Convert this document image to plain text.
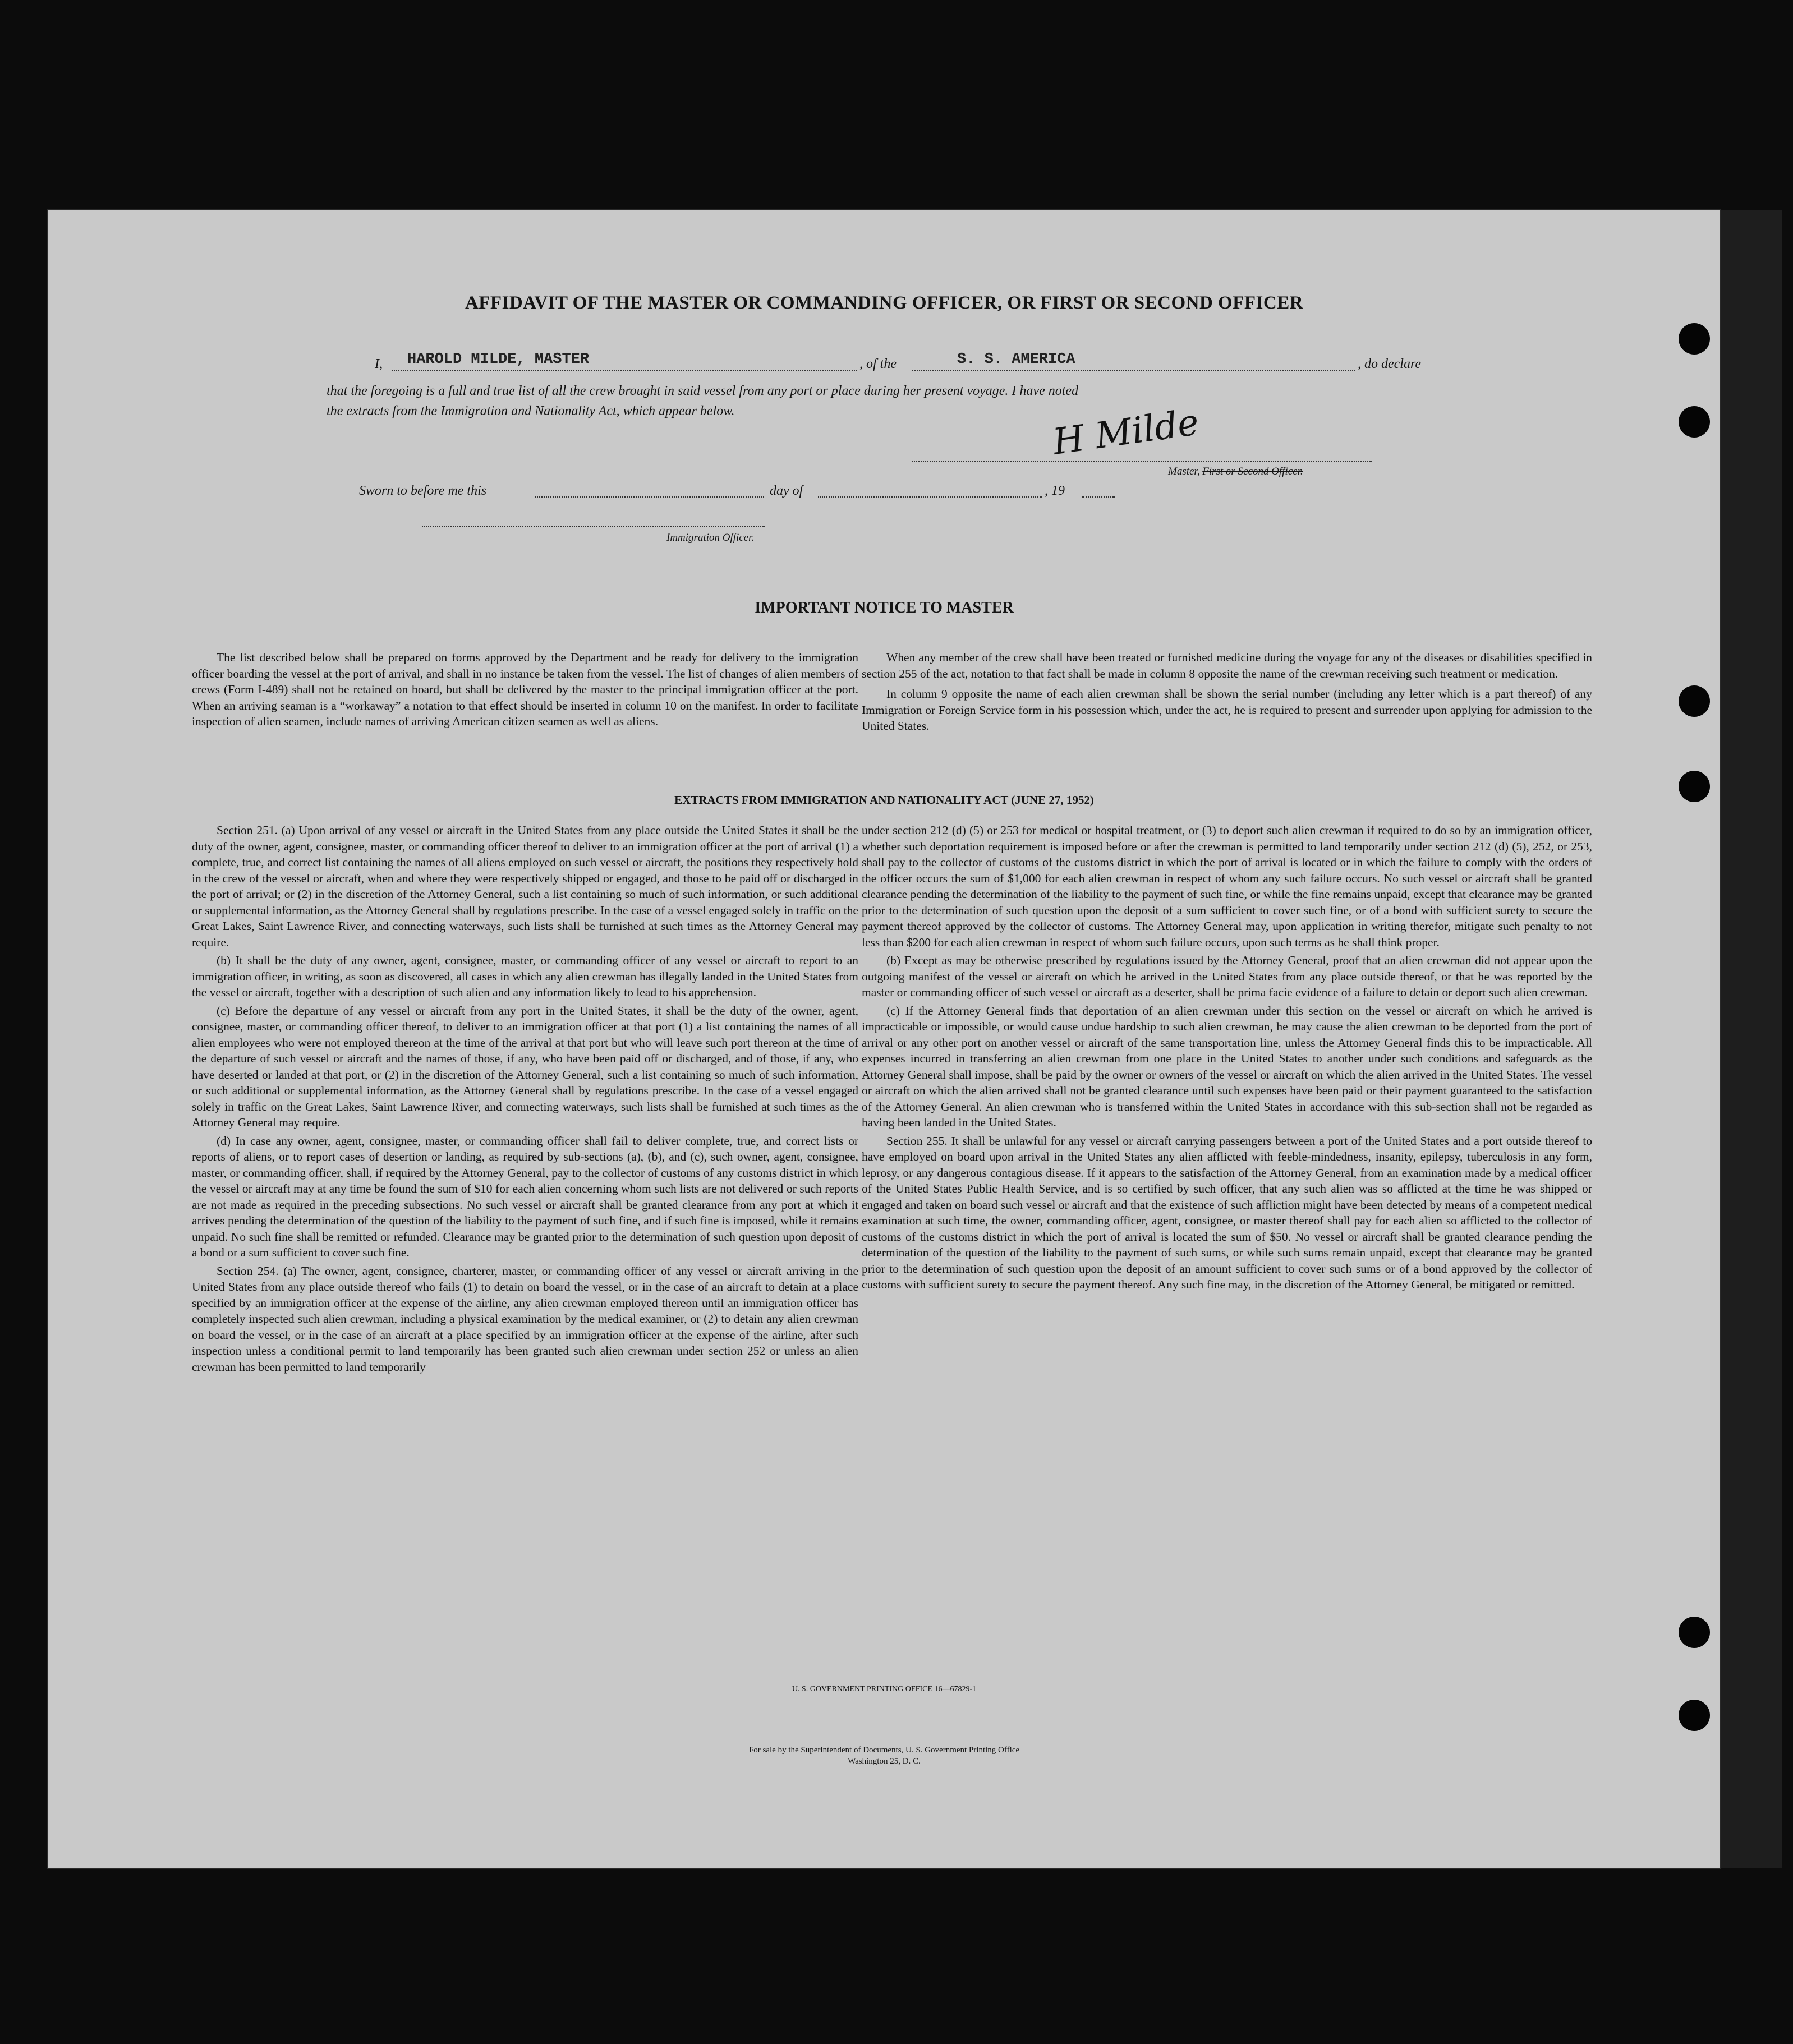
AFFIDAVIT OF THE MASTER OR COMMANDING OFFICER, OR FIRST OR SECOND OFFICER
I, HAROLD MILDE, MASTER	, of the	S. S. AMERICA	, do declare
that the foregoing is a full and true list of all the crew brought in said vessel from any port or place during her present voyage. I have noted
the extracts from the Immigration and Nationality Act, which appear below.	H Milde
Master, First or Second Officer.
Sworn to before me this	day of	, 19
Immigration Officer.
IMPORTANT NOTICE TO MASTER

The list described below shall be prepared on forms approved by the Department and be ready for delivery to the immigration officer boarding the vessel at the port of arrival, and shall in no instance be taken from the vessel. The list of changes of alien members of crews (Form I-489) shall not be retained on board, but shall be delivered by the master to the principal immigration officer at the port. When an arriving seaman is a “workaway” a notation to that effect should be inserted in column 10 on the manifest. In order to facilitate inspection of alien seamen, include names of arriving American citizen seamen as well as aliens.

When any member of the crew shall have been treated or furnished medicine during the voyage for any of the diseases or disabilities specified in section 255 of the act, notation to that fact shall be made in column 8 opposite the name of the crewman receiving such treatment or medication.

In column 9 opposite the name of each alien crewman shall be shown the serial number (including any letter which is a part thereof) of any Immigration or Foreign Service form in his possession which, under the act, he is required to present and surrender upon applying for admission to the United States.

EXTRACTS FROM IMMIGRATION AND NATIONALITY ACT (JUNE 27, 1952)

Section 251. (a) Upon arrival of any vessel or aircraft in the United States from any place outside the United States it shall be the duty of the owner, agent, consignee, master, or commanding officer thereof to deliver to an immigration officer at the port of arrival (1) a complete, true, and correct list containing the names of all aliens employed on such vessel or aircraft, the positions they respectively hold in the crew of the vessel or aircraft, when and where they were respectively shipped or engaged, and those to be paid off or discharged in the port of arrival; or (2) in the discretion of the Attorney General, such a list containing so much of such information, or such additional or supplemental information, as the Attorney General shall by regulations prescribe. In the case of a vessel engaged solely in traffic on the Great Lakes, Saint Lawrence River, and connecting waterways, such lists shall be furnished at such times as the Attorney General may require.

(b) It shall be the duty of any owner, agent, consignee, master, or commanding officer of any vessel or aircraft to report to an immigration officer, in writing, as soon as discovered, all cases in which any alien crewman has illegally landed in the United States from the vessel or aircraft, together with a description of such alien and any information likely to lead to his apprehension.

(c) Before the departure of any vessel or aircraft from any port in the United States, it shall be the duty of the owner, agent, consignee, master, or commanding officer thereof, to deliver to an immigration officer at that port (1) a list containing the names of all alien employees who were not employed thereon at the time of the arrival at that port but who will leave such port thereon at the time of the departure of such vessel or aircraft and the names of those, if any, who have been paid off or discharged, and of those, if any, who have deserted or landed at that port, or (2) in the discretion of the Attorney General, such a list containing so much of such information, or such additional or supplemental information, as the Attorney General shall by regulations prescribe. In the case of a vessel engaged solely in traffic on the Great Lakes, Saint Lawrence River, and connecting waterways, such lists shall be furnished at such times as the Attorney General may require.

(d) In case any owner, agent, consignee, master, or commanding officer shall fail to deliver complete, true, and correct lists or reports of aliens, or to report cases of desertion or landing, as required by sub-sections (a), (b), and (c), such owner, agent, consignee, master, or commanding officer, shall, if required by the Attorney General, pay to the collector of customs of any customs district in which the vessel or aircraft may at any time be found the sum of $10 for each alien concerning whom such lists are not delivered or such reports are not made as required in the preceding subsections. No such vessel or aircraft shall be granted clearance from any port at which it arrives pending the determination of the question of the liability to the payment of such fine, and if such fine is imposed, while it remains unpaid. No such fine shall be remitted or refunded. Clearance may be granted prior to the determination of such question upon deposit of a bond or a sum sufficient to cover such fine.

Section 254. (a) The owner, agent, consignee, charterer, master, or commanding officer of any vessel or aircraft arriving in the United States from any place outside thereof who fails (1) to detain on board the vessel, or in the case of an aircraft to detain at a place specified by an immigration officer at the expense of the airline, any alien crewman employed thereon until an immigration officer has completely inspected such alien crewman, including a physical examination by the medical examiner, or (2) to detain any alien crewman on board the vessel, or in the case of an aircraft at a place specified by an immigration officer at the expense of the airline, after such inspection unless a conditional permit to land temporarily has been granted such alien crewman under section 252 or unless an alien crewman has been permitted to land temporarily

under section 212 (d) (5) or 253 for medical or hospital treatment, or (3) to deport such alien crewman if required to do so by an immigration officer, whether such deportation requirement is imposed before or after the crewman is permitted to land temporarily under section 212 (d) (5), 252, or 253, shall pay to the collector of customs of the customs district in which the port of arrival is located or in which the failure to comply with the orders of the officer occurs the sum of $1,000 for each alien crewman in respect of whom any such failure occurs. No such vessel or aircraft shall be granted clearance pending the determination of the liability to the payment of such fine, or while the fine remains unpaid, except that clearance may be granted prior to the determination of such question upon the deposit of a sum sufficient to cover such fine, or of a bond with sufficient surety to secure the payment thereof approved by the collector of customs. The Attorney General may, upon application in writing therefor, mitigate such penalty to not less than $200 for each alien crewman in respect of whom such failure occurs, upon such terms as he shall think proper.

(b) Except as may be otherwise prescribed by regulations issued by the Attorney General, proof that an alien crewman did not appear upon the outgoing manifest of the vessel or aircraft on which he arrived in the United States from any place outside thereof, or that he was reported by the master or commanding officer of such vessel or aircraft as a deserter, shall be prima facie evidence of a failure to detain or deport such alien crewman.

(c) If the Attorney General finds that deportation of an alien crewman under this section on the vessel or aircraft on which he arrived is impracticable or impossible, or would cause undue hardship to such alien crewman, he may cause the alien crewman to be deported from the port of arrival or any other port on another vessel or aircraft of the same transportation line, unless the Attorney General finds this to be impracticable. All expenses incurred in transferring an alien crewman from one place in the United States to another under such conditions and safeguards as the Attorney General shall impose, shall be paid by the owner or owners of the vessel or aircraft on which the alien arrived in the United States. The vessel or aircraft on which the alien arrived shall not be granted clearance until such expenses have been paid or their payment guaranteed to the satisfaction of the Attorney General. An alien crewman who is transferred within the United States in accordance with this sub-section shall not be regarded as having been landed in the United States.

Section 255. It shall be unlawful for any vessel or aircraft carrying passengers between a port of the United States and a port outside thereof to have employed on board upon arrival in the United States any alien afflicted with feeble-mindedness, insanity, epilepsy, tuberculosis in any form, leprosy, or any dangerous contagious disease. If it appears to the satisfaction of the Attorney General, from an examination made by a medical officer of the United States Public Health Service, and is so certified by such officer, that any such alien was so afflicted at the time he was shipped or engaged and taken on board such vessel or aircraft and that the existence of such affliction might have been detected by means of a competent medical examination at such time, the owner, commanding officer, agent, consignee, or master thereof shall pay for each alien so afflicted to the collector of customs of the customs district in which the port of arrival is located the sum of $50. No vessel or aircraft shall be granted clearance pending the determination of the question of the liability to the payment of such sums, or while such sums remain unpaid, except that clearance may be granted prior to the determination of such question upon the deposit of an amount sufficient to cover such sums or of a bond approved by the collector of customs with sufficient surety to secure the payment thereof. Any such fine may, in the discretion of the Attorney General, be mitigated or remitted.

U. S. GOVERNMENT PRINTING OFFICE 16—67829-1
For sale by the Superintendent of Documents, U. S. Government Printing Office
Washington 25, D. C.
